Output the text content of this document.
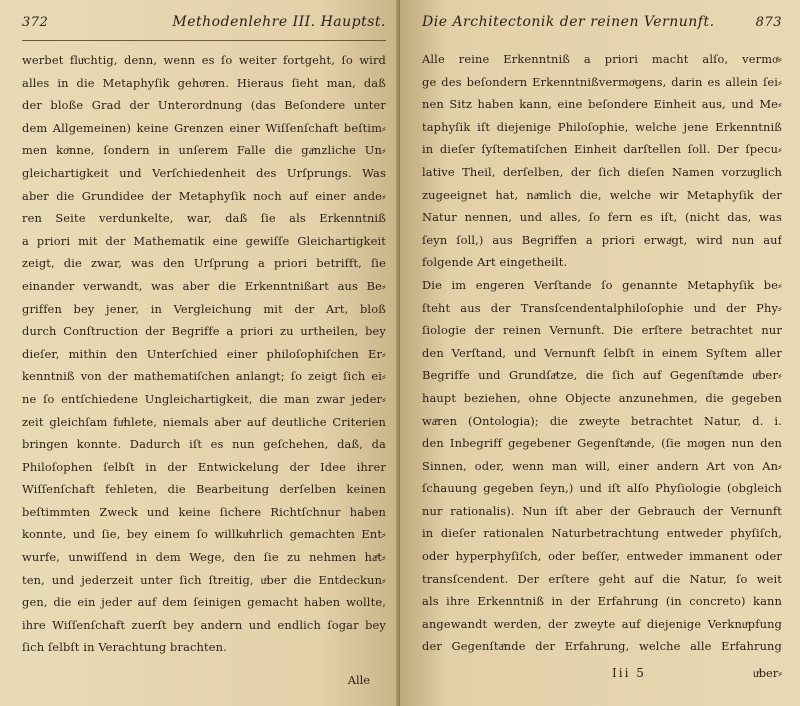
372	Methodenlehre III. Hauptst.
werbet fluͤchtig, denn, wenn es ſo weiter fortgeht, ſo wird
alles in die Metaphyſik gehoͤren. Hieraus ſieht man, daß
der bloße Grad der Unterordnung (das Beſondere unter
dem Allgemeinen) keine Grenzen einer Wiſſenſchaft beſtim⸗
men koͤnne, ſondern in unſerem Falle die gaͤnzliche Un⸗
gleichartigkeit und Verſchiedenheit des Urſprungs. Was
aber die Grundidee der Metaphyſik noch auf einer ande⸗
ren Seite verdunkelte, war, daß ſie als Erkenntniß
a priori mit der Mathematik eine gewiſſe Gleichartigkeit
zeigt, die zwar, was den Urſprung a priori betrifft, ſie
einander verwandt, was aber die Erkenntnißart aus Be⸗
griffen bey jener, in Vergleichung mit der Art, bloß
durch Conſtruction der Begriffe a priori zu urtheilen, bey
dieſer, mithin den Unterſchied einer philoſophiſchen Er⸗
kenntniß von der mathematiſchen anlangt; ſo zeigt ſich ei⸗
ne ſo entſchiedene Ungleichartigkeit, die man zwar jeder⸗
zeit gleichſam fuͤhlete, niemals aber auf deutliche Criterien
bringen konnte. Dadurch iſt es nun geſchehen, daß, da
Philoſophen ſelbſt in der Entwickelung der Idee ihrer
Wiſſenſchaft fehleten, die Bearbeitung derſelben keinen
beſtimmten Zweck und keine ſichere Richtſchnur haben
konnte, und ſie, bey einem ſo willkuͤhrlich gemachten Ent⸗
wurfe, unwiſſend in dem Wege, den ſie zu nehmen haͤt⸗
ten, und jederzeit unter ſich ſtreitig, uͤber die Entdeckun⸗
gen, die ein jeder auf dem ſeinigen gemacht haben wollte,
ihre Wiſſenſchaft zuerſt bey andern und endlich ſogar bey
ſich ſelbſt in Verachtung brachten.
Alle
Die Architectonik der reinen Vernunft.	873
Alle reine Erkenntniß a priori macht alſo, vermoͤ⸗
ge des beſondern Erkenntnißvermoͤgens, darin es allein ſei⸗
nen Sitz haben kann, eine beſondere Einheit aus, und Me⸗
taphyſik iſt diejenige Philoſophie, welche jene Erkenntniß
in dieſer ſyſtematiſchen Einheit darſtellen ſoll. Der ſpecu⸗
lative Theil, derſelben, der ſich dieſen Namen vorzuͤglich
zugeeignet hat, naͤmlich die, welche wir Metaphyſik der
Natur nennen, und alles, ſo fern es iſt, (nicht das, was
ſeyn ſoll,) aus Begriffen a priori erwaͤgt, wird nun auf
folgende Art eingetheilt.
Die im engeren Verſtande ſo genannte Metaphyſik be⸗
ſteht aus der Transſcendentalphiloſophie und der Phy⸗
ſiologie der reinen Vernunft. Die erſtere betrachtet nur
den Verſtand, und Vernunft ſelbſt in einem Syſtem aller
Begriffe und Grundſaͤtze, die ſich auf Gegenſtaͤnde uͤber⸗
haupt beziehen, ohne Objecte anzunehmen, die gegeben
waͤren (Ontologia); die zweyte betrachtet Natur, d. i.
den Inbegriff gegebener Gegenſtaͤnde, (ſie moͤgen nun den
Sinnen, oder, wenn man will, einer andern Art von An⸗
ſchauung gegeben ſeyn,) und iſt alſo Phyſiologie (obgleich
nur rationalis). Nun iſt aber der Gebrauch der Vernunft
in dieſer rationalen Naturbetrachtung entweder phyſiſch,
oder hyperphyſiſch, oder beſſer, entweder immanent oder
transſcendent. Der erſtere geht auf die Natur, ſo weit
als ihre Erkenntniß in der Erfahrung (in concreto) kann
angewandt werden, der zweyte auf diejenige Verknuͤpfung
der Gegenſtaͤnde der Erfahrung, welche alle Erfahrung
Iii 5	uͤber⸗
